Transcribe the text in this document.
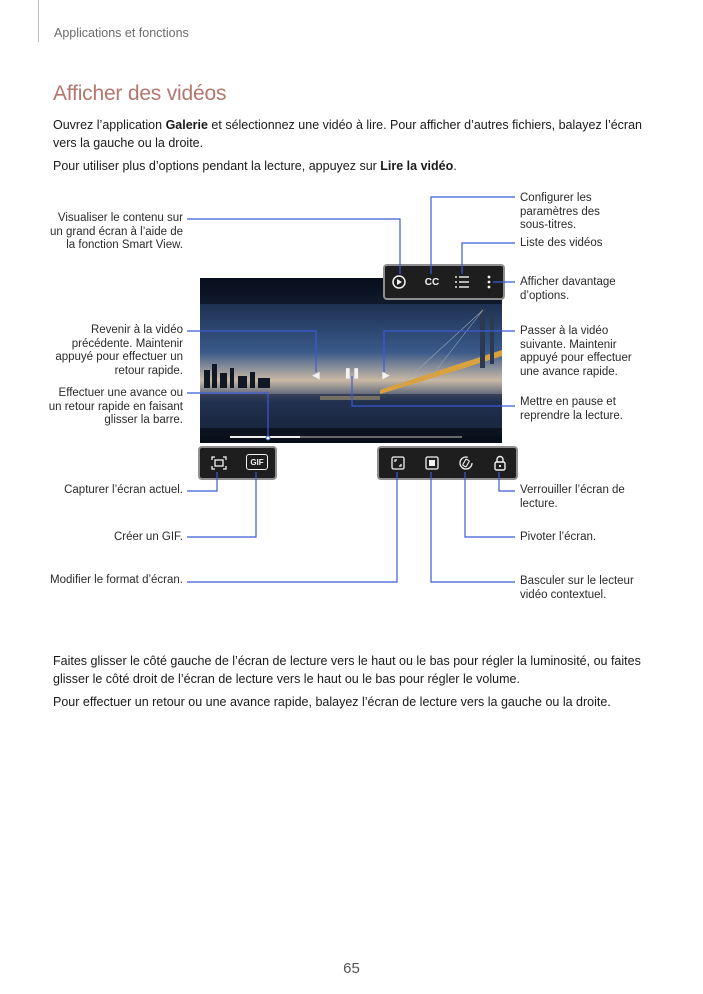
Applications et fonctions
Afficher des vidéos

Ouvrez l’application Galerie et sélectionnez une vidéo à lire. Pour afficher d’autres fichiers, balayez l’écran vers la gauche ou la droite.

Pour utiliser plus d’options pendant la lecture, appuyez sur Lire la vidéo.

◀	❚❚	▶
CC
GIF
Visualiser le contenu sur un grand écran à l’aide de la fonction Smart View.
Revenir à la vidéo précédente. Maintenir appuyé pour effectuer un retour rapide.
Effectuer une avance ou un retour rapide en faisant glisser la barre.
Capturer l’écran actuel.
Créer un GIF.
Modifier le format d’écran.
Configurer les paramètres des sous-titres.
Liste des vidéos
Afficher davantage d’options.
Passer à la vidéo suivante. Maintenir appuyé pour effectuer une avance rapide.
Mettre en pause et reprendre la lecture.
Verrouiller l’écran de lecture.
Pivoter l’écran.
Basculer sur le lecteur vidéo contextuel.

Faites glisser le côté gauche de l’écran de lecture vers le haut ou le bas pour régler la luminosité, ou faites glisser le côté droit de l’écran de lecture vers le haut ou le bas pour régler le volume.

Pour effectuer un retour ou une avance rapide, balayez l’écran de lecture vers la gauche ou la droite.

65
